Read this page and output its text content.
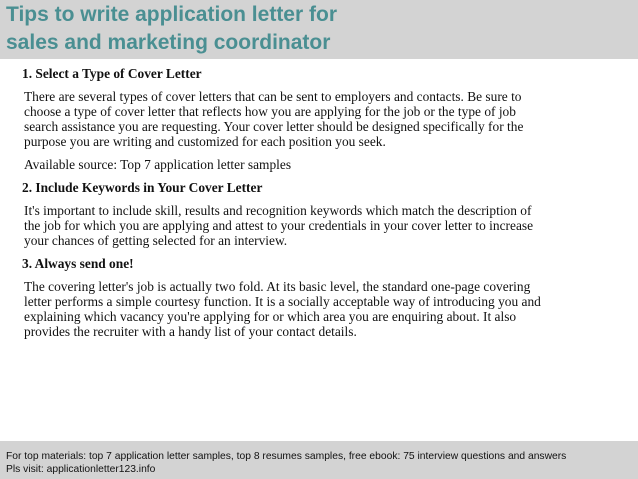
Tips to write application letter for
sales and marketing coordinator
1. Select a Type of Cover Letter
There are several types of cover letters that can be sent to employers and contacts. Be sure to
choose a type of cover letter that reflects how you are applying for the job or the type of job
search assistance you are requesting. Your cover letter should be designed specifically for the
purpose you are writing and customized for each position you seek.
Available source: Top 7 application letter samples
2. Include Keywords in Your Cover Letter
It's important to include skill, results and recognition keywords which match the description of
the job for which you are applying and attest to your credentials in your cover letter to increase
your chances of getting selected for an interview.
3. Always send one!
The covering letter's job is actually two fold. At its basic level, the standard one-page covering
letter performs a simple courtesy function. It is a socially acceptable way of introducing you and
explaining which vacancy you're applying for or which area you are enquiring about. It also
provides the recruiter with a handy list of your contact details.
For top materials: top 7 application letter samples, top 8 resumes samples, free ebook: 75 interview questions and answers
Pls visit: applicationletter123.info
